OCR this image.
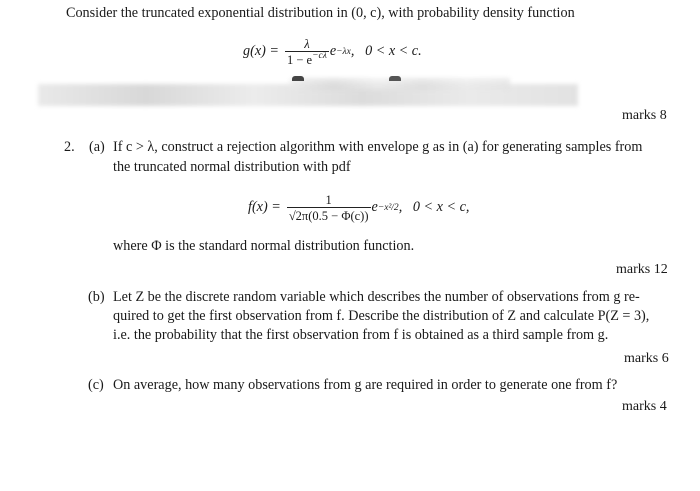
Consider the truncated exponential distribution in (0, c), with probability density function
$g(x) = \frac{\lambda}{1 - e^{-c\lambda}}$ e −λx ,   0 < x < c.
marks 8
2. (a) If c > λ, construct a rejection algorithm with envelope g as in (a) for generating samples from
the truncated normal distribution with pdf
$f(x) = \frac{1}{√2\pi(0.5 - \Phi(c))}$ e −x²/2 ,   0 < x < c,
where Φ is the standard normal distribution function.
marks 12
(b) Let Z be the discrete random variable which describes the number of observations from g re-
quired to get the first observation from f. Describe the distribution of Z and calculate P(Z = 3),
i.e. the probability that the first observation from f is obtained as a third sample from g.
marks 6
(c) On average, how many observations from g are required in order to generate one from f?
marks 4
